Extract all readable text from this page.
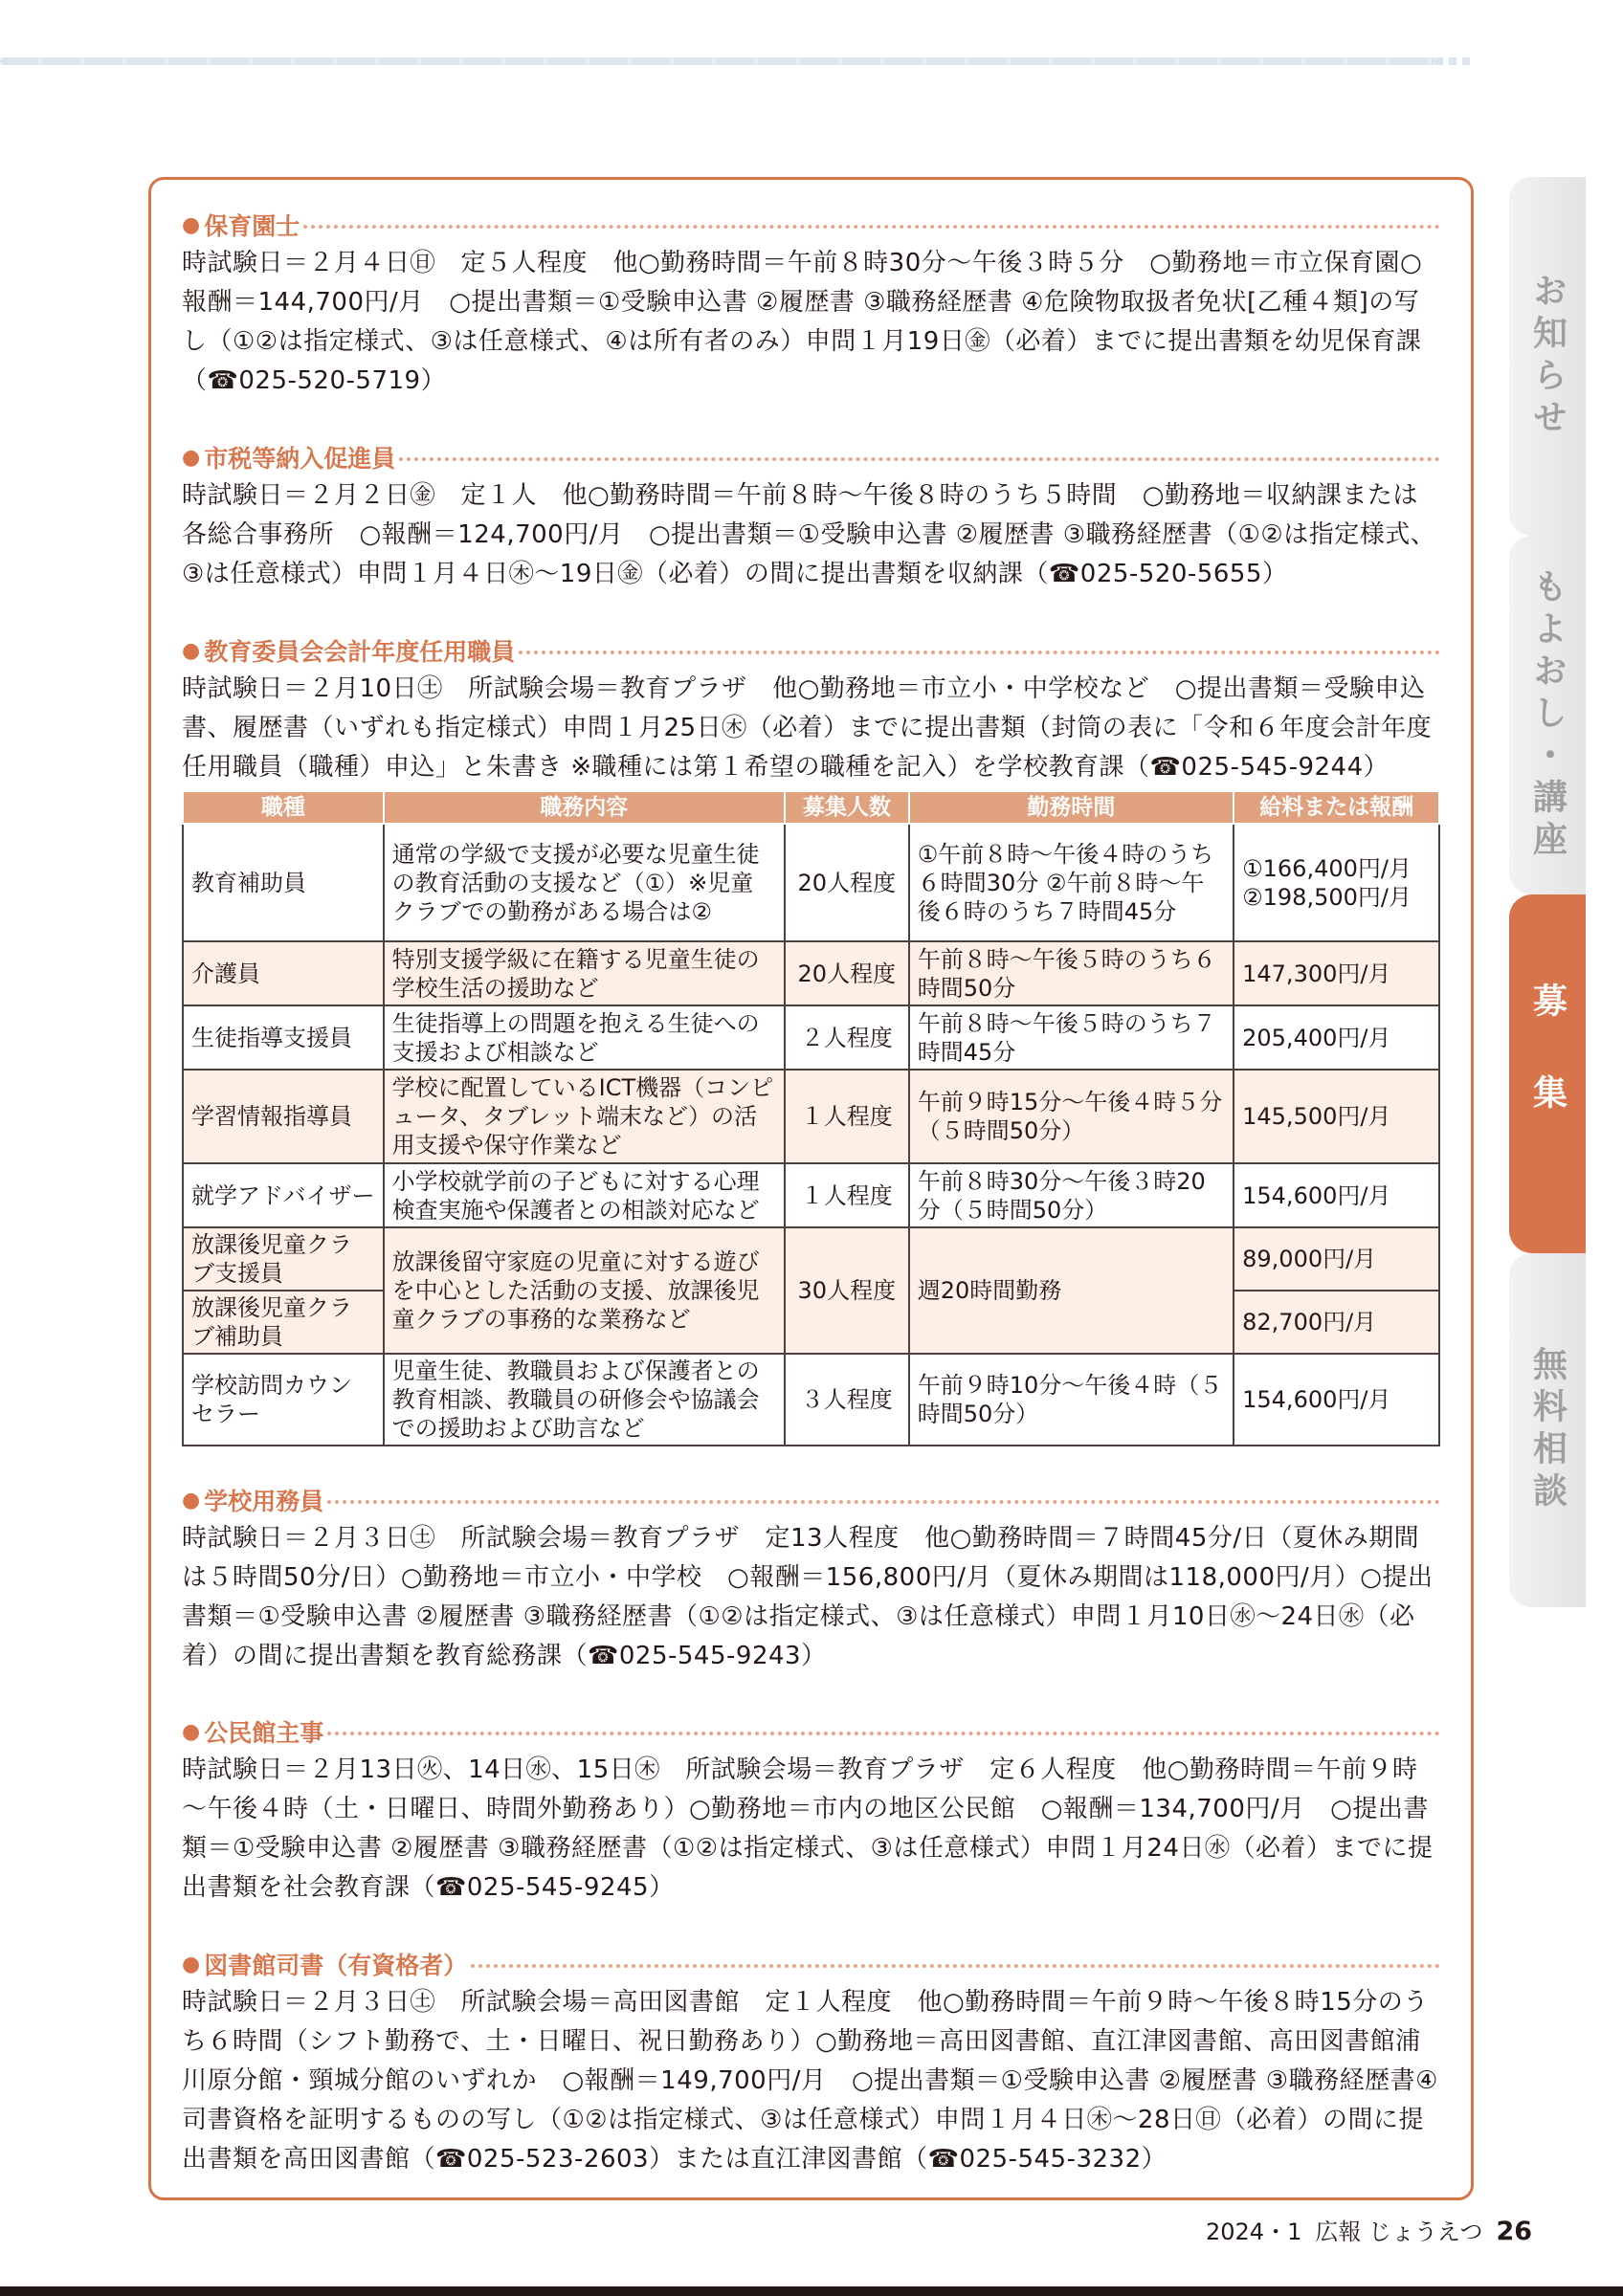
● 保育園士
時試験日＝２月４日㊐　定５人程度　他○勤務時間＝午前８時30分～午後３時５分　○勤務地＝市立保育園○報酬＝144,700円/月　○提出書類＝①受験申込書 ②履歴書 ③職務経歴書 ④危険物取扱者免状[乙種４類]の写し（①②は指定様式、③は任意様式、④は所有者のみ）申問１月19日㊎（必着）までに提出書類を幼児保育課（☎025-520-5719）
● 市税等納入促進員
時試験日＝２月２日㊎　定１人　他○勤務時間＝午前８時～午後８時のうち５時間　○勤務地＝収納課または各総合事務所　○報酬＝124,700円/月　○提出書類＝①受験申込書 ②履歴書 ③職務経歴書（①②は指定様式、③は任意様式）申問１月４日㊍～19日㊎（必着）の間に提出書類を収納課（☎025-520-5655）
● 教育委員会会計年度任用職員
時試験日＝２月10日㊏　所試験会場＝教育プラザ　他○勤務地＝市立小・中学校など　○提出書類＝受験申込書、履歴書（いずれも指定様式）申問１月25日㊍（必着）までに提出書類（封筒の表に「令和６年度会計年度任用職員（職種）申込」と朱書き ※職種には第１希望の職種を記入）を学校教育課（☎025-545-9244）
職種	職務内容	募集人数	勤務時間	給料または報酬
教育補助員	通常の学級で支援が必要な児童生徒の教育活動の支援など（①）※児童クラブでの勤務がある場合は②	20人程度	①午前８時～午後４時のうち６時間30分 ②午前８時～午後６時のうち７時間45分	①166,400円/月 ②198,500円/月
介護員	特別支援学級に在籍する児童生徒の学校生活の援助など	20人程度	午前８時～午後５時のうち６時間50分	147,300円/月
生徒指導支援員	生徒指導上の問題を抱える生徒への支援および相談など	２人程度	午前８時～午後５時のうち７時間45分	205,400円/月
学習情報指導員	学校に配置しているICT機器（コンピュータ、タブレット端末など）の活用支援や保守作業など	１人程度	午前９時15分～午後４時５分（５時間50分）	145,500円/月
就学アドバイザー	小学校就学前の子どもに対する心理検査実施や保護者との相談対応など	１人程度	午前８時30分～午後３時20分（５時間50分）	154,600円/月
放課後児童クラブ支援員	放課後留守家庭の児童に対する遊びを中心とした活動の支援、放課後児童クラブの事務的な業務など	30人程度	週20時間勤務	89,000円/月
放課後児童クラブ補助員				82,700円/月
学校訪問カウンセラー	児童生徒、教職員および保護者との教育相談、教職員の研修会や協議会での援助および助言など	３人程度	午前９時10分～午後４時（５時間50分）	154,600円/月
● 学校用務員
時試験日＝２月３日㊏　所試験会場＝教育プラザ　定13人程度　他○勤務時間＝７時間45分/日（夏休み期間は５時間50分/日）○勤務地＝市立小・中学校　○報酬＝156,800円/月（夏休み期間は118,000円/月）○提出書類＝①受験申込書 ②履歴書 ③職務経歴書（①②は指定様式、③は任意様式）申問１月10日㊌～24日㊌（必着）の間に提出書類を教育総務課（☎025-545-9243）
● 公民館主事
時試験日＝２月13日㊋、14日㊌、15日㊍　所試験会場＝教育プラザ　定６人程度　他○勤務時間＝午前９時～午後４時（土・日曜日、時間外勤務あり）○勤務地＝市内の地区公民館　○報酬＝134,700円/月　○提出書類＝①受験申込書 ②履歴書 ③職務経歴書（①②は指定様式、③は任意様式）申問１月24日㊌（必着）までに提出書類を社会教育課（☎025-545-9245）
● 図書館司書（有資格者）
時試験日＝２月３日㊏　所試験会場＝高田図書館　定１人程度　他○勤務時間＝午前９時～午後８時15分のうち６時間（シフト勤務で、土・日曜日、祝日勤務あり）○勤務地＝高田図書館、直江津図書館、高田図書館浦川原分館・頸城分館のいずれか　○報酬＝149,700円/月　○提出書類＝①受験申込書 ②履歴書 ③職務経歴書④司書資格を証明するものの写し（①②は指定様式、③は任意様式）申問１月４日㊍～28日㊐（必着）の間に提出書類を高田図書館（☎025-523-2603）または直江津図書館（☎025-545-3232）
お知らせ
もよおし・講座
募集
無料相談
2024・1 広報 じょうえつ 26
